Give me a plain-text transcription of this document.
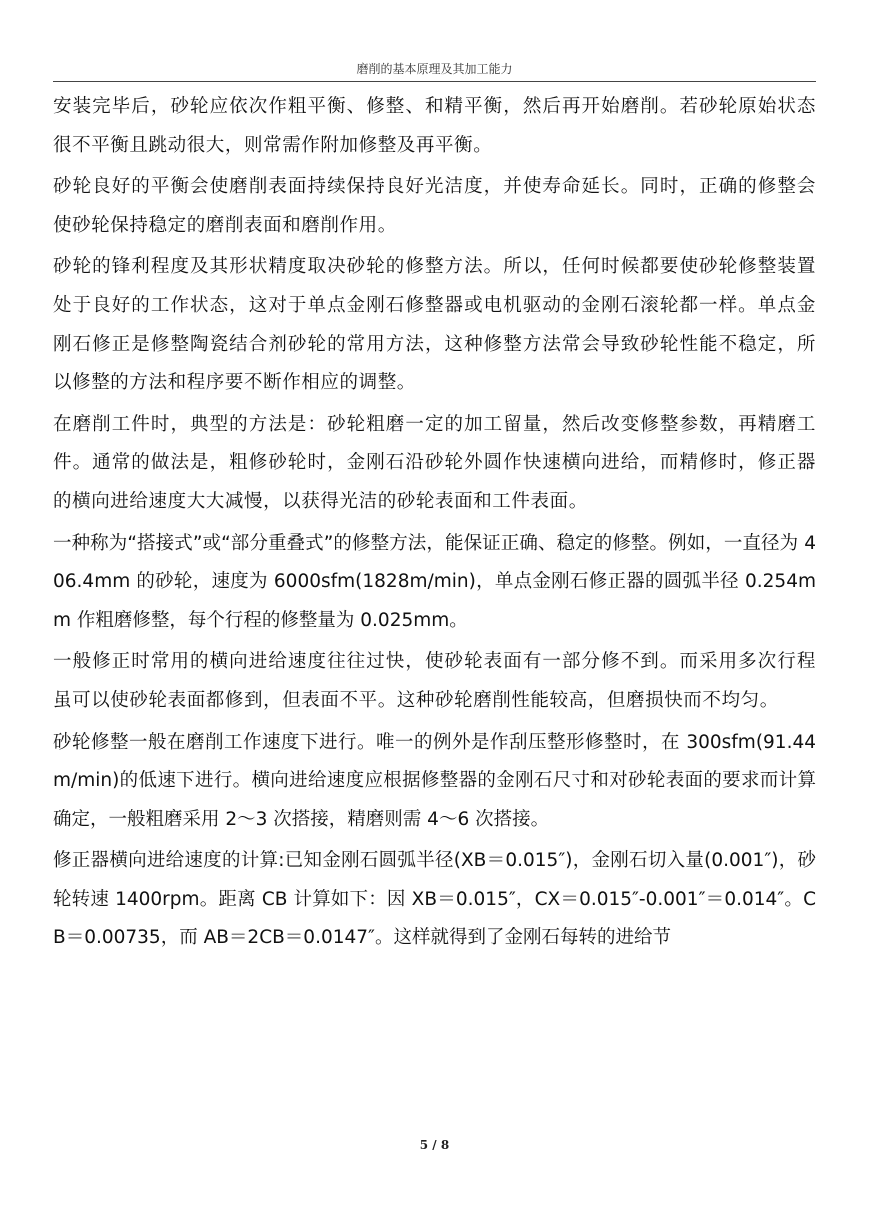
磨削的基本原理及其加工能力

安装完毕后，砂轮应依次作粗平衡、修整、和精平衡，然后再开始磨削。若砂轮原始状态很不平衡且跳动很大，则常需作附加修整及再平衡。

砂轮良好的平衡会使磨削表面持续保持良好光洁度，并使寿命延长。同时，正确的修整会使砂轮保持稳定的磨削表面和磨削作用。

砂轮的锋利程度及其形状精度取决砂轮的修整方法。所以，任何时候都要使砂轮修整装置处于良好的工作状态，这对于单点金刚石修整器或电机驱动的金刚石滚轮都一样。单点金刚石修正是修整陶瓷结合剂砂轮的常用方法，这种修整方法常会导致砂轮性能不稳定，所以修整的方法和程序要不断作相应的调整。

在磨削工件时，典型的方法是：砂轮粗磨一定的加工留量，然后改变修整参数，再精磨工件。通常的做法是，粗修砂轮时，金刚石沿砂轮外圆作快速横向进给，而精修时，修正器的横向进给速度大大减慢，以获得光洁的砂轮表面和工件表面。

一种称为“搭接式”或“部分重叠式”的修整方法，能保证正确、稳定的修整。例如，一直径为 406.4mm 的砂轮，速度为 6000sfm(1828m/min)，单点金刚石修正器的圆弧半径 0.254mm 作粗磨修整，每个行程的修整量为 0.025mm。

一般修正时常用的横向进给速度往往过快，使砂轮表面有一部分修不到。而采用多次行程虽可以使砂轮表面都修到，但表面不平。这种砂轮磨削性能较高，但磨损快而不均匀。

砂轮修整一般在磨削工作速度下进行。唯一的例外是作刮压整形修整时，在 300sfm(91.44m/min)的低速下进行。横向进给速度应根据修整器的金刚石尺寸和对砂轮表面的要求而计算确定，一般粗磨采用 2～3 次搭接，精磨则需 4～6 次搭接。

修正器横向进给速度的计算:已知金刚石圆弧半径(XB＝0.015″)，金刚石切入量(0.001″)，砂轮转速 1400rpm。距离 CB 计算如下：因 XB＝0.015″，CX＝0.015″-0.001″＝0.014″。CB＝0.00735，而 AB＝2CB＝0.0147″。这样就得到了金刚石每转的进给节

5 / 8
